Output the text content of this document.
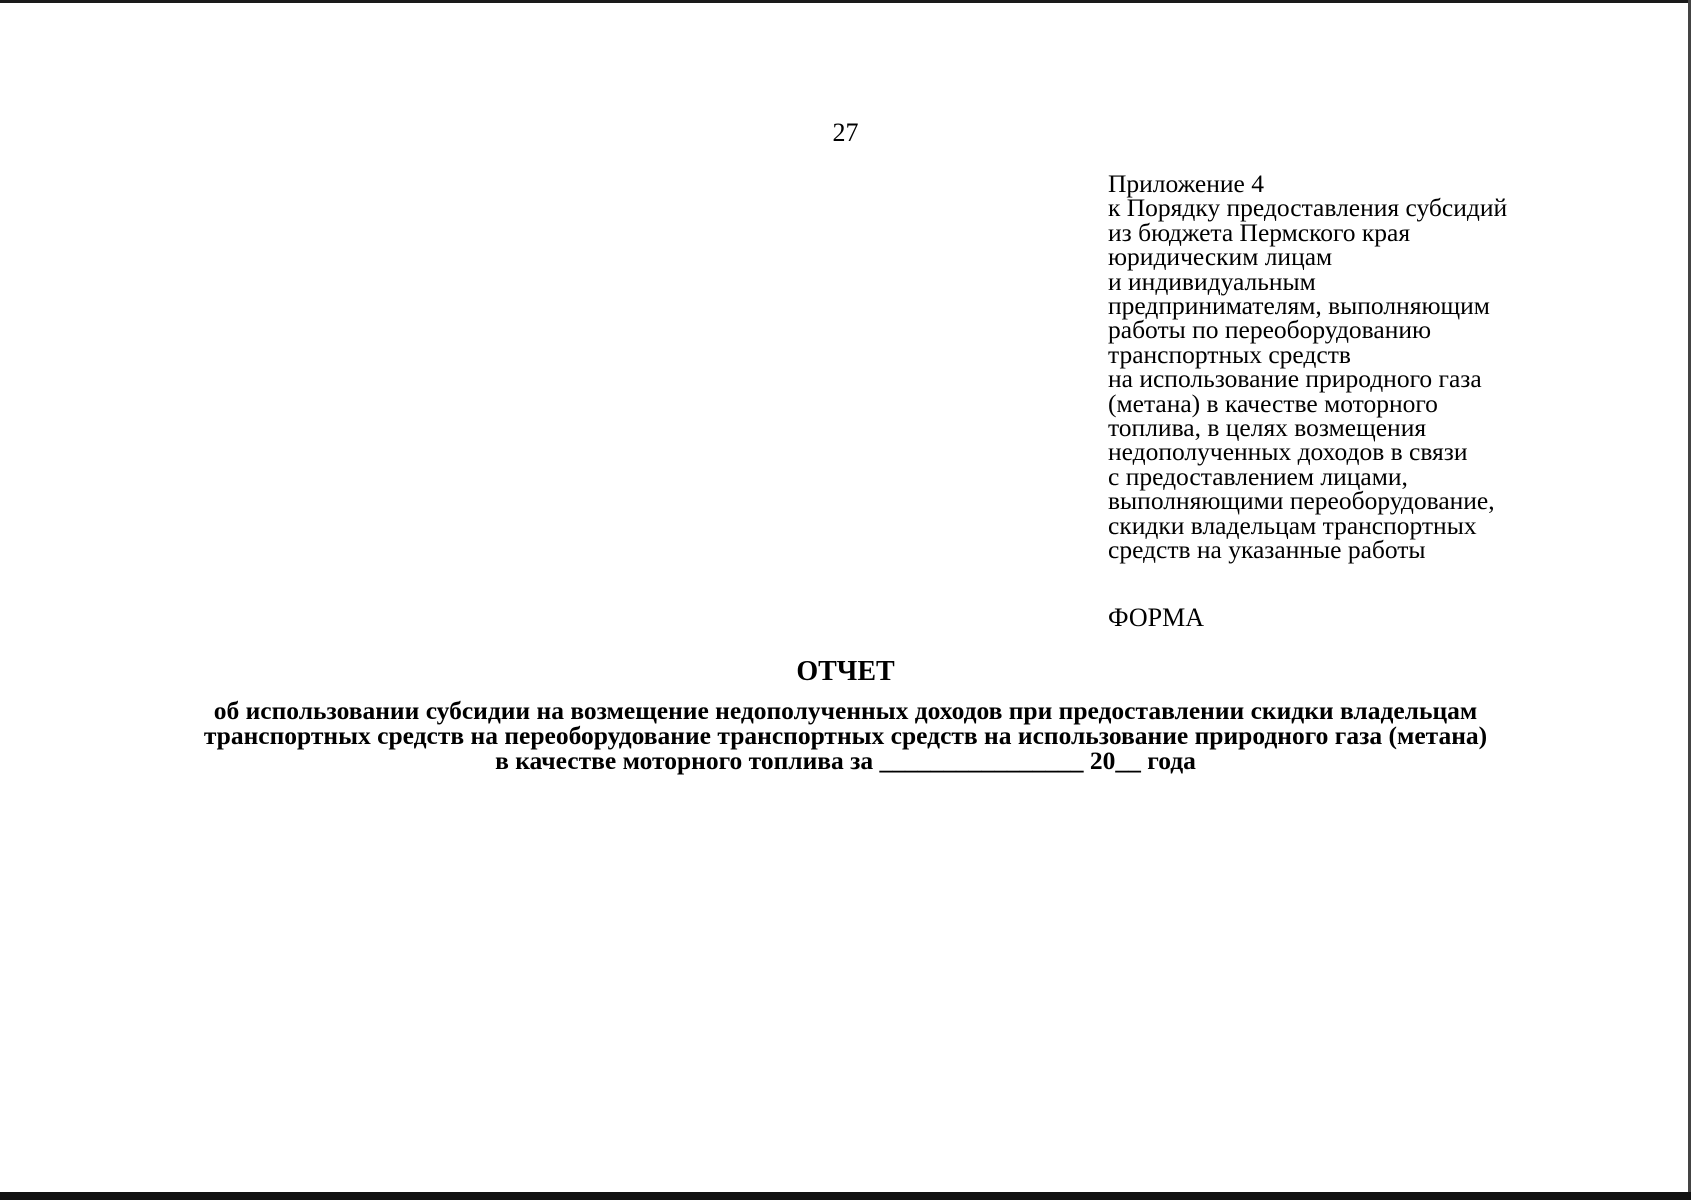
27
Приложение 4
к Порядку предоставления субсидий
из бюджета Пермского края
юридическим лицам
и индивидуальным
предпринимателям, выполняющим
работы по переоборудованию
транспортных средств
на использование природного газа
(метана) в качестве моторного
топлива, в целях возмещения
недополученных доходов в связи
с предоставлением лицами,
выполняющими переоборудование,
скидки владельцам транспортных
средств на указанные работы
ФОРМА
ОТЧЕТ
об использовании субсидии на возмещение недополученных доходов при предоставлении скидки владельцам
транспортных средств на переоборудование транспортных средств на использование природного газа (метана)
в качестве моторного топлива за ________________ 20__ года
